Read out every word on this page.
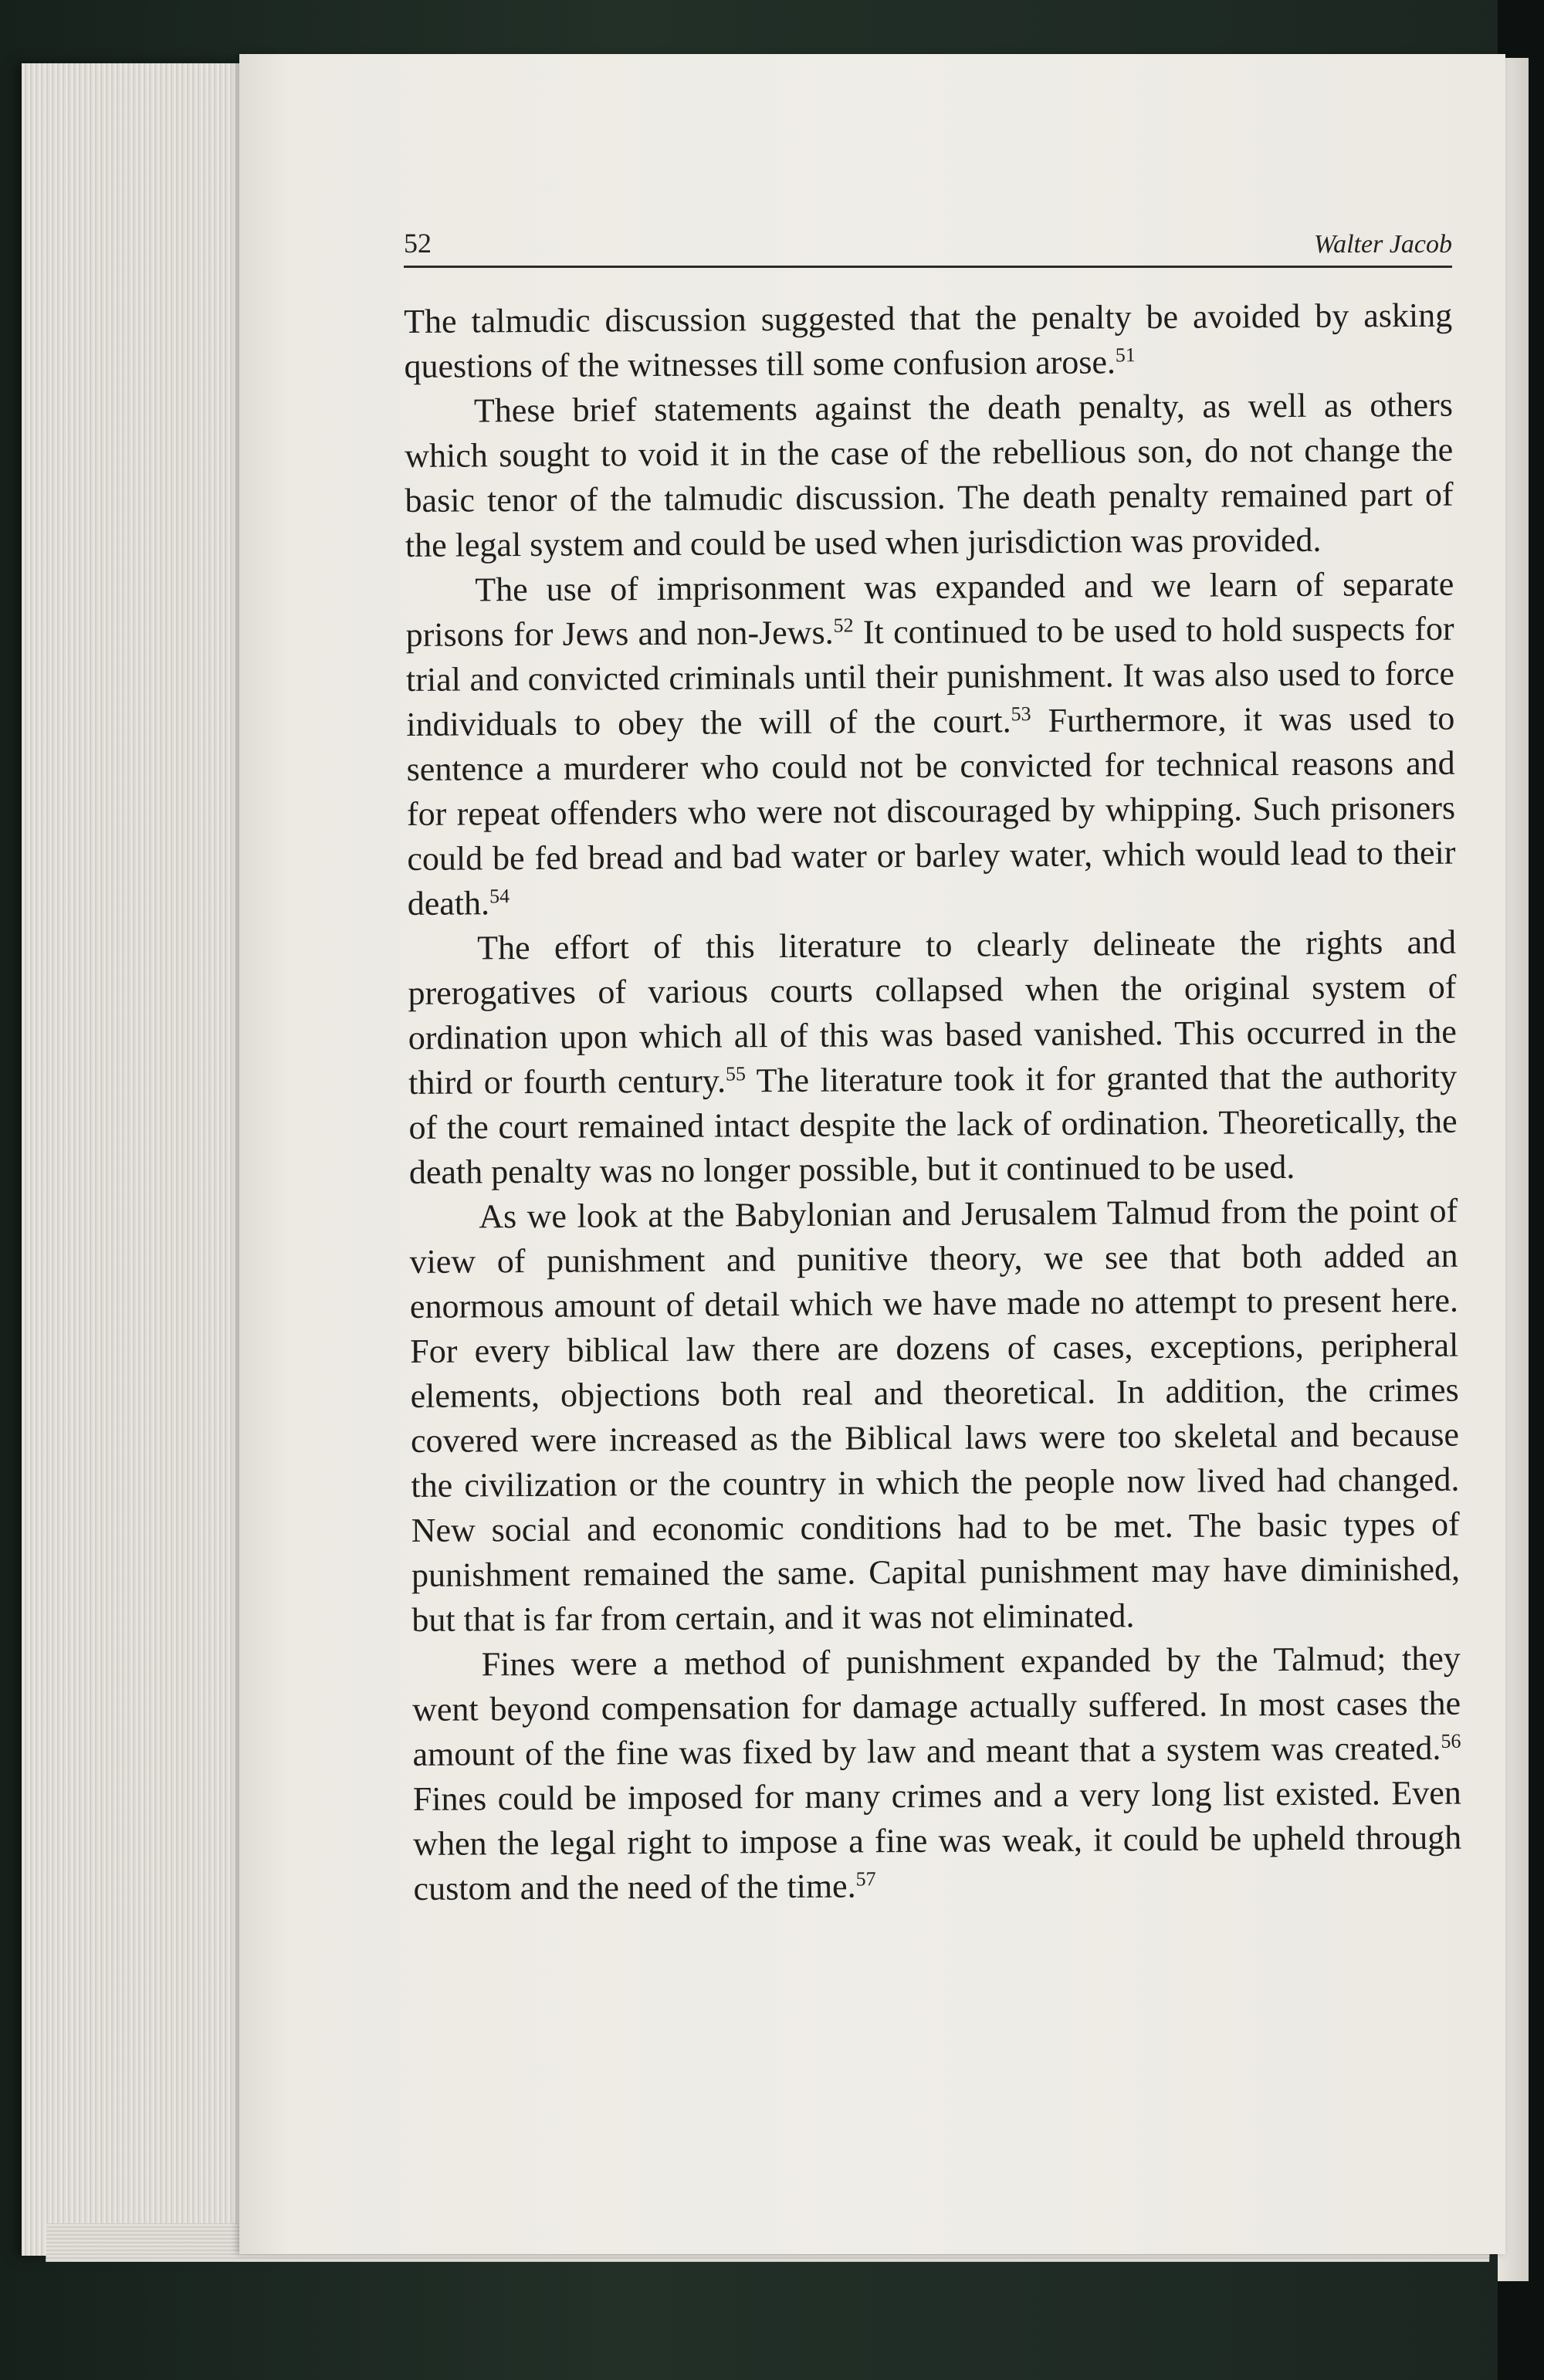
52	Walter Jacob

The talmudic discussion suggested that the penalty be avoided by asking questions of the witnesses till some confusion arose.$^{51}$

These brief statements against the death penalty, as well as others which sought to void it in the case of the rebellious son, do not change the basic tenor of the talmudic discussion. The death penalty remained part of the legal system and could be used when jurisdiction was provided.

The use of imprisonment was expanded and we learn of separate prisons for Jews and non-Jews.$^{52}$ It continued to be used to hold suspects for trial and convicted criminals until their punishment. It was also used to force individuals to obey the will of the court.$^{53}$ Furthermore, it was used to sentence a murderer who could not be convicted for technical reasons and for repeat offenders who were not discouraged by whipping. Such prisoners could be fed bread and bad water or barley water, which would lead to their death.$^{54}$

The effort of this literature to clearly delineate the rights and prerogatives of various courts collapsed when the original system of ordination upon which all of this was based vanished. This occurred in the third or fourth century.$^{55}$ The literature took it for granted that the authority of the court remained intact despite the lack of ordination. Theoretically, the death penalty was no longer possible, but it continued to be used.

As we look at the Babylonian and Jerusalem Talmud from the point of view of punishment and punitive theory, we see that both added an enormous amount of detail which we have made no attempt to present here. For every biblical law there are dozens of cases, exceptions, peripheral elements, objections both real and theoretical. In addition, the crimes covered were increased as the Biblical laws were too skeletal and because the civilization or the country in which the people now lived had changed. New social and economic conditions had to be met. The basic types of punishment remained the same. Capital punishment may have diminished, but that is far from certain, and it was not eliminated.

Fines were a method of punishment expanded by the Talmud; they went beyond compensation for damage actually suffered. In most cases the amount of the fine was fixed by law and meant that a system was created.$^{56}$ Fines could be imposed for many crimes and a very long list existed. Even when the legal right to impose a fine was weak, it could be upheld through custom and the need of the time.$^{57}$
